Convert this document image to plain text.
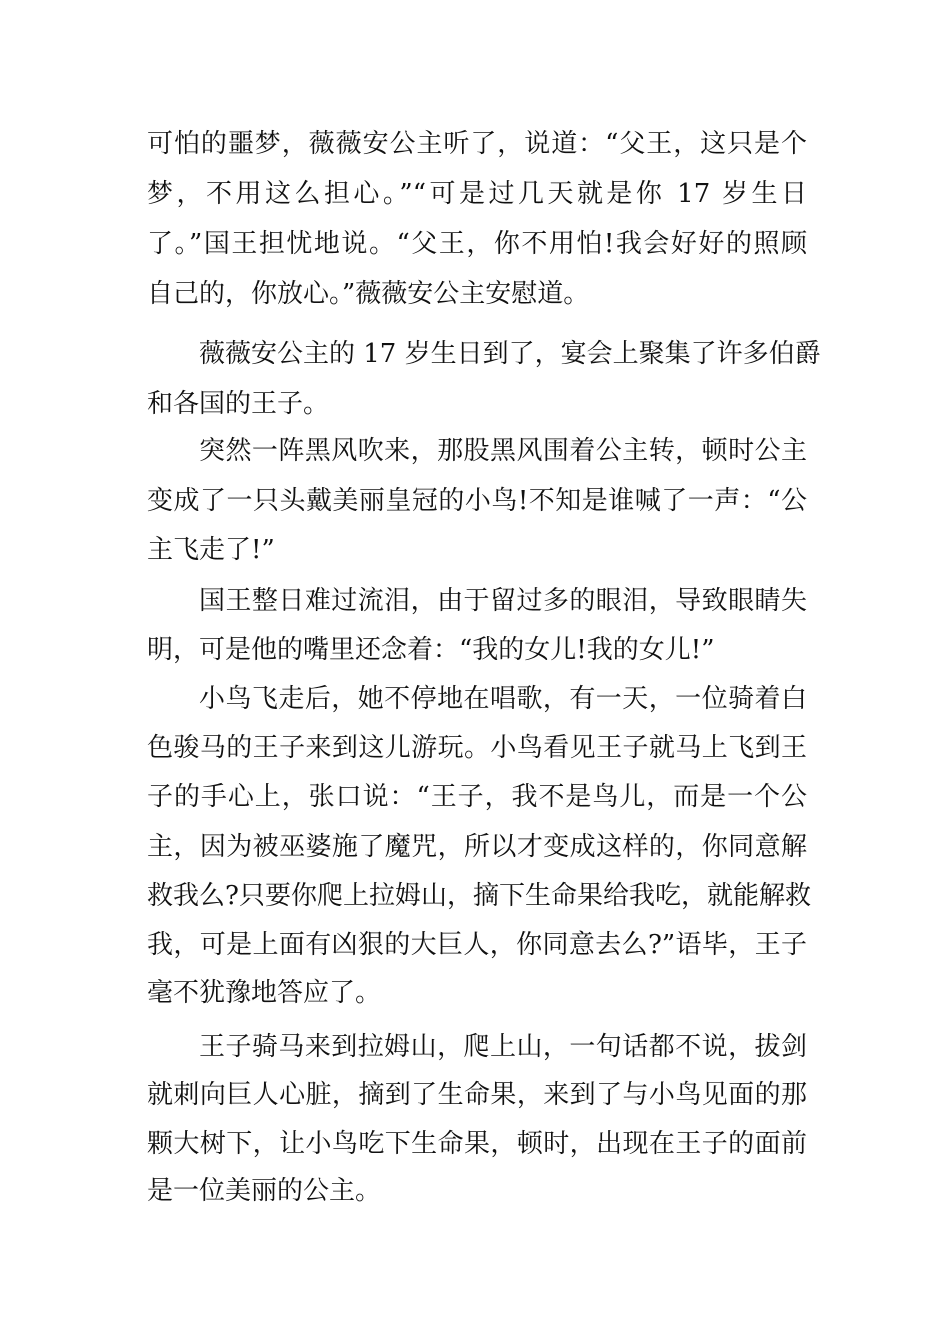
可怕的噩梦，薇薇安公主听了，说道：“父王，这只是个
梦，不用这么担心。”“可是过几天就是你 17 岁生日
了。”国王担忧地说。“父王，你不用怕!我会好好的照顾
自己的，你放心。”薇薇安公主安慰道。
薇薇安公主的 17 岁生日到了，宴会上聚集了许多伯爵
和各国的王子。
突然一阵黑风吹来，那股黑风围着公主转，顿时公主
变成了一只头戴美丽皇冠的小鸟!不知是谁喊了一声：“公
主飞走了!”
国王整日难过流泪，由于留过多的眼泪，导致眼睛失
明，可是他的嘴里还念着：“我的女儿!我的女儿!”
小鸟飞走后，她不停地在唱歌，有一天，一位骑着白
色骏马的王子来到这儿游玩。小鸟看见王子就马上飞到王
子的手心上，张口说：“王子，我不是鸟儿，而是一个公
主，因为被巫婆施了魔咒，所以才变成这样的，你同意解
救我么?只要你爬上拉姆山，摘下生命果给我吃，就能解救
我，可是上面有凶狠的大巨人，你同意去么?”语毕，王子
毫不犹豫地答应了。
王子骑马来到拉姆山，爬上山，一句话都不说，拔剑
就刺向巨人心脏，摘到了生命果，来到了与小鸟见面的那
颗大树下，让小鸟吃下生命果，顿时，出现在王子的面前
是一位美丽的公主。
